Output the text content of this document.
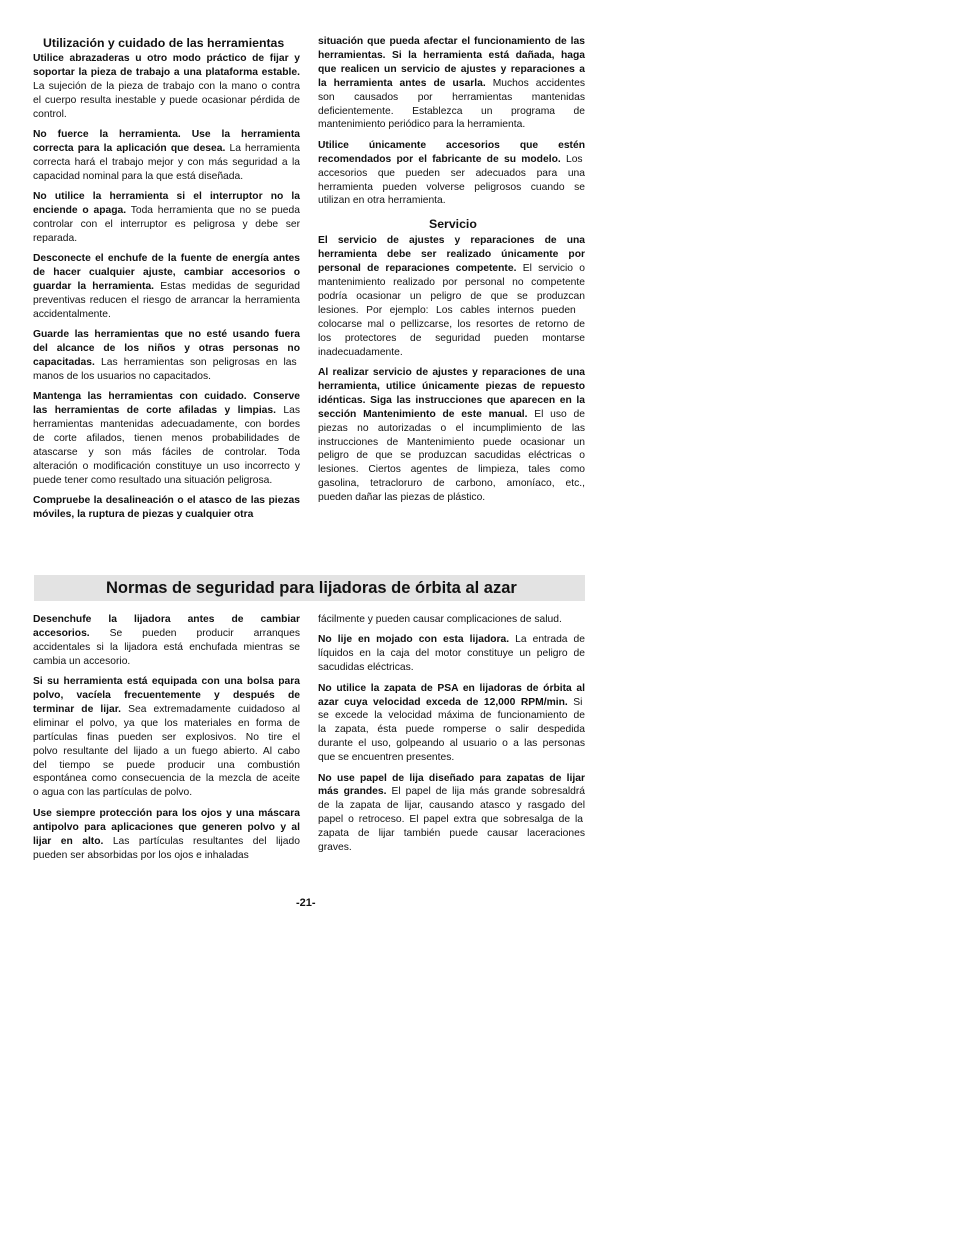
Utilización y cuidado de las herramientas

Utilice abrazaderas u otro modo práctico de fijar y
soportar la pieza de trabajo a una plataforma estable.
La sujeción de la pieza de trabajo con la mano o contra
el cuerpo resulta inestable y puede ocasionar pérdida de
control.

No fuerce la herramienta. Use la herramienta
correcta para la aplicación que desea. La herramienta
correcta hará el trabajo mejor y con más seguridad a la
capacidad nominal para la que está diseñada.

No utilice la herramienta si el interruptor no la
enciende o apaga. Toda herramienta que no se pueda
controlar con el interruptor es peligrosa y debe ser
reparada.

Desconecte el enchufe de la fuente de energía antes
de hacer cualquier ajuste, cambiar accesorios o
guardar la herramienta. Estas medidas de seguridad
preventivas reducen el riesgo de arrancar la herramienta
accidentalmente.

Guarde las herramientas que no esté usando fuera
del alcance de los niños y otras personas no
capacitadas. Las herramientas son peligrosas en las
manos de los usuarios no capacitados.

Mantenga las herramientas con cuidado. Conserve
las herramientas de corte afiladas y limpias. Las
herramientas mantenidas adecuadamente, con bordes
de corte afilados, tienen menos probabilidades de
atascarse y son más fáciles de controlar. Toda
alteración o modificación constituye un uso incorrecto y
puede tener como resultado una situación peligrosa.

Compruebe la desalineación o el atasco de las piezas
móviles, la ruptura de piezas y cualquier otra

situación que pueda afectar el funcionamiento de las
herramientas. Si la herramienta está dañada, haga
que realicen un servicio de ajustes y reparaciones a
la herramienta antes de usarla. Muchos accidentes
son causados por herramientas mantenidas
deficientemente. Establezca un programa de
mantenimiento periódico para la herramienta.

Utilice únicamente accesorios que estén
recomendados por el fabricante de su modelo. Los
accesorios que pueden ser adecuados para una
herramienta pueden volverse peligrosos cuando se
utilizan en otra herramienta.

Servicio

El servicio de ajustes y reparaciones de una
herramienta debe ser realizado únicamente por
personal de reparaciones competente. El servicio o
mantenimiento realizado por personal no competente
podría ocasionar un peligro de que se produzcan
lesiones. Por ejemplo: Los cables internos pueden
colocarse mal o pellizcarse, los resortes de retorno de
los protectores de seguridad pueden montarse
inadecuadamente.

Al realizar servicio de ajustes y reparaciones de una
herramienta, utilice únicamente piezas de repuesto
idénticas. Siga las instrucciones que aparecen en la
sección Mantenimiento de este manual. El uso de
piezas no autorizadas o el incumplimiento de las
instrucciones de Mantenimiento puede ocasionar un
peligro de que se produzcan sacudidas eléctricas o
lesiones. Ciertos agentes de limpieza, tales como
gasolina, tetracloruro de carbono, amoníaco, etc.,
pueden dañar las piezas de plástico.

Normas de seguridad para lijadoras de órbita al azar

Desenchufe la lijadora antes de cambiar
accesorios. Se pueden producir arranques
accidentales si la lijadora está enchufada mientras se
cambia un accesorio.

Si su herramienta está equipada con una bolsa para
polvo, vacíela frecuentemente y después de
terminar de lijar. Sea extremadamente cuidadoso al
eliminar el polvo, ya que los materiales en forma de
partículas finas pueden ser explosivos. No tire el
polvo resultante del lijado a un fuego abierto. Al cabo
del tiempo se puede producir una combustión
espontánea como consecuencia de la mezcla de aceite
o agua con las partículas de polvo.

Use siempre protección para los ojos y una máscara
antipolvo para aplicaciones que generen polvo y al
lijar en alto. Las partículas resultantes del lijado
pueden ser absorbidas por los ojos e inhaladas

fácilmente y pueden causar complicaciones de salud.

No lije en mojado con esta lijadora. La entrada de
líquidos en la caja del motor constituye un peligro de
sacudidas eléctricas.

No utilice la zapata de PSA en lijadoras de órbita al
azar cuya velocidad exceda de 12,000 RPM/min. Si
se excede la velocidad máxima de funcionamiento de
la zapata, ésta puede romperse o salir despedida
durante el uso, golpeando al usuario o a las personas
que se encuentren presentes.

No use papel de lija diseñado para zapatas de lijar
más grandes. El papel de lija más grande sobresaldrá
de la zapata de lijar, causando atasco y rasgado del
papel o retroceso. El papel extra que sobresalga de la
zapata de lijar también puede causar laceraciones
graves.

-21-
